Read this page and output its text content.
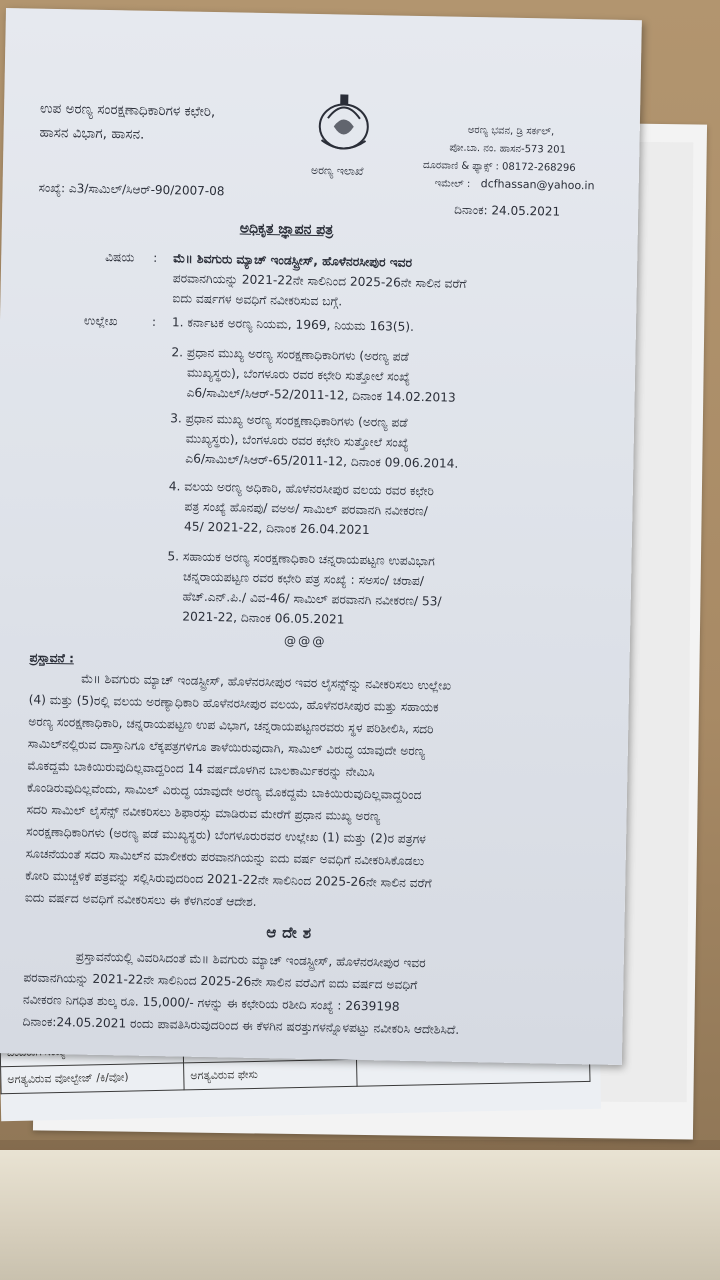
ಅಗತ್ಯವಿರುವ ವೋಲ್ಟೇಜ್ /ಕಿ/ವೋ)	ಅಗತ್ಯವಿರುವ ಫೇಸು	
ಉಪ ಅರಣ್ಯ ಸಂರಕ್ಷಣಾಧಿಕಾರಿಗಳ ಕಛೇರಿ,
ಹಾಸನ ವಿಭಾಗ, ಹಾಸನ.
ಅರಣ್ಯ ಇಲಾಖೆ
ಅರಣ್ಯ ಭವನ, ಡ್ರಿ ಸರ್ಕಲ್,
ಪೋ.ಬಾ. ನಂ. ಹಾಸನ-573 201
ದೂರವಾಣಿ & ಫ್ಯಾಕ್ಸ್ : 08172-268296
ಇಮೇಲ್ : dcfhassan@yahoo.in
ಸಂಖ್ಯೆ: ಎ3/ಸಾಮಿಲ್/ಸಿಆರ್-90/2007-08
ದಿನಾಂಕ: 24.05.2021
ಅಧಿಕೃತ ಜ್ಞಾಪನ ಪತ್ರ
ವಿಷಯ : ಮೆ॥ ಶಿವಗುರು ಮ್ಯಾಚ್ ಇಂಡಸ್ಟ್ರೀಸ್, ಹೊಳೆನರಸೀಪುರ ಇವರ
ಪರವಾನಗಿಯನ್ನು 2021-22ನೇ ಸಾಲಿನಿಂದ 2025-26ನೇ ಸಾಲಿನ ವರೆಗೆ
ಐದು ವರ್ಷಗಳ ಅವಧಿಗೆ ನವೀಕರಿಸುವ ಬಗ್ಗೆ.
ಉಲ್ಲೇಖ	: 1. ಕರ್ನಾಟಕ ಅರಣ್ಯ ನಿಯಮ, 1969, ನಿಯಮ 163(5).
2. ಪ್ರಧಾನ ಮುಖ್ಯ ಅರಣ್ಯ ಸಂರಕ್ಷಣಾಧಿಕಾರಿಗಳು (ಅರಣ್ಯ ಪಡೆ
ಮುಖ್ಯಸ್ಥರು), ಬೆಂಗಳೂರು ರವರ ಕಛೇರಿ ಸುತ್ತೋಲೆ ಸಂಖ್ಯೆ
ಎ6/ಸಾಮಿಲ್/ಸಿಆರ್-52/2011-12, ದಿನಾಂಕ 14.02.2013
3. ಪ್ರಧಾನ ಮುಖ್ಯ ಅರಣ್ಯ ಸಂರಕ್ಷಣಾಧಿಕಾರಿಗಳು (ಅರಣ್ಯ ಪಡೆ
ಮುಖ್ಯಸ್ಥರು), ಬೆಂಗಳೂರು ರವರ ಕಛೇರಿ ಸುತ್ತೋಲೆ ಸಂಖ್ಯೆ
ಎ6/ಸಾಮಿಲ್/ಸಿಆರ್-65/2011-12, ದಿನಾಂಕ 09.06.2014.
4. ವಲಯ ಅರಣ್ಯ ಅಧಿಕಾರಿ, ಹೊಳೆನರಸೀಪುರ ವಲಯ ರವರ ಕಛೇರಿ
ಪತ್ರ ಸಂಖ್ಯೆ ಹೊನಪು/ ವಅಅ/ ಸಾಮಿಲ್ ಪರವಾನಗಿ ನವೀಕರಣ/
45/ 2021-22, ದಿನಾಂಕ 26.04.2021
5. ಸಹಾಯಕ ಅರಣ್ಯ ಸಂರಕ್ಷಣಾಧಿಕಾರಿ ಚನ್ನರಾಯಪಟ್ಟಣ ಉಪವಿಭಾಗ
ಚನ್ನರಾಯಪಟ್ಟಣ ರವರ ಕಛೇರಿ ಪತ್ರ ಸಂಖ್ಯೆ : ಸಅಸಂ/ ಚರಾಪ/
ಹೆಚ್.ಎನ್.ಪಿ./ ವಿವ-46/ ಸಾಮಿಲ್ ಪರವಾನಗಿ ನವೀಕರಣ/ 53/
2021-22, ದಿನಾಂಕ 06.05.2021
@@@
ಪ್ರಸ್ತಾವನೆ :
ಮೆ॥ ಶಿವಗುರು ಮ್ಯಾಚ್ ಇಂಡಸ್ಟ್ರೀಸ್, ಹೊಳೆನರಸೀಪುರ ಇವರ ಲೈಸನ್ಸ್‌ನ್ನು ನವೀಕರಿಸಲು ಉಲ್ಲೇಖ
(4) ಮತ್ತು (5)ರಲ್ಲಿ ವಲಯ ಅರಣ್ಯಾಧಿಕಾರಿ ಹೊಳೆನರಸೀಪುರ ವಲಯ, ಹೊಳೆನರಸೀಪುರ ಮತ್ತು ಸಹಾಯಕ
ಅರಣ್ಯ ಸಂರಕ್ಷಣಾಧಿಕಾರಿ, ಚನ್ನರಾಯಪಟ್ಟಣ ಉಪ ವಿಭಾಗ, ಚನ್ನರಾಯಪಟ್ಟಣರವರು ಸ್ಥಳ ಪರಿಶೀಲಿಸಿ, ಸದರಿ
ಸಾಮಿಲ್‌ನಲ್ಲಿರುವ ದಾಸ್ತಾನಿಗೂ ಲೆಕ್ಕಪತ್ರಗಳಿಗೂ ತಾಳೆಯಿರುವುದಾಗಿ, ಸಾಮಿಲ್ ವಿರುದ್ಧ ಯಾವುದೇ ಅರಣ್ಯ
ಮೊಕದ್ದಮೆ ಬಾಕಿಯಿರುವುದಿಲ್ಲವಾದ್ದರಿಂದ 14 ವರ್ಷದೊಳಗಿನ ಬಾಲಕಾರ್ಮಿಕರನ್ನು ನೇಮಿಸಿ
ಕೊಂಡಿರುವುದಿಲ್ಲವೆಂದು, ಸಾಮಿಲ್ ವಿರುದ್ಧ ಯಾವುದೇ ಅರಣ್ಯ ಮೊಕದ್ದಮೆ ಬಾಕಿಯಿರುವುದಿಲ್ಲವಾದ್ದರಿಂದ
ಸದರಿ ಸಾಮಿಲ್ ಲೈಸೆನ್ಸ್ ನವೀಕರಿಸಲು ಶಿಫಾರಸ್ಸು ಮಾಡಿರುವ ಮೇರೆಗೆ ಪ್ರಧಾನ ಮುಖ್ಯ ಅರಣ್ಯ
ಸಂರಕ್ಷಣಾಧಿಕಾರಿಗಳು (ಅರಣ್ಯ ಪಡೆ ಮುಖ್ಯಸ್ಥರು) ಬೆಂಗಳೂರುರವರ ಉಲ್ಲೇಖ (1) ಮತ್ತು (2)ರ ಪತ್ರಗಳ
ಸೂಚನೆಯಂತೆ ಸದರಿ ಸಾಮಿಲ್‌ನ ಮಾಲೀಕರು ಪರವಾನಗಿಯನ್ನು ಐದು ವರ್ಷ ಅವಧಿಗೆ ನವೀಕರಿಸಿಕೊಡಲು
ಕೋರಿ ಮುಚ್ಚಳಿಕೆ ಪತ್ರವನ್ನು ಸಲ್ಲಿಸಿರುವುದರಿಂದ 2021-22ನೇ ಸಾಲಿನಿಂದ 2025-26ನೇ ಸಾಲಿನ ವರೆಗೆ
ಐದು ವರ್ಷದ ಅವಧಿಗೆ ನವೀಕರಿಸಲು ಈ ಕೆಳಗಿನಂತೆ ಆದೇಶ.
ಆದೇಶ
ಪ್ರಸ್ತಾವನೆಯಲ್ಲಿ ವಿವರಿಸಿದಂತೆ ಮೆ॥ ಶಿವಗುರು ಮ್ಯಾಚ್ ಇಂಡಸ್ಟ್ರೀಸ್, ಹೊಳೆನರಸೀಪುರ ಇವರ
ಪರವಾನಗಿಯನ್ನು 2021-22ನೇ ಸಾಲಿನಿಂದ 2025-26ನೇ ಸಾಲಿನ ವರೆವಿಗೆ ಐದು ವರ್ಷದ ಅವಧಿಗೆ
ನವೀಕರಣ ನಿಗಧಿತ ಶುಲ್ಕ ರೂ. 15,000/- ಗಳನ್ನು ಈ ಕಛೇರಿಯ ರಶೀದಿ ಸಂಖ್ಯೆ : 2639198
ದಿನಾಂಕ:24.05.2021 ರಂದು ಪಾವತಿಸಿರುವುದರಿಂದ ಈ ಕೆಳಗಿನ ಷರತ್ತುಗಳನ್ನೊಳಪಟ್ಟು ನವೀಕರಿಸಿ ಆದೇಶಿಸಿದೆ.
